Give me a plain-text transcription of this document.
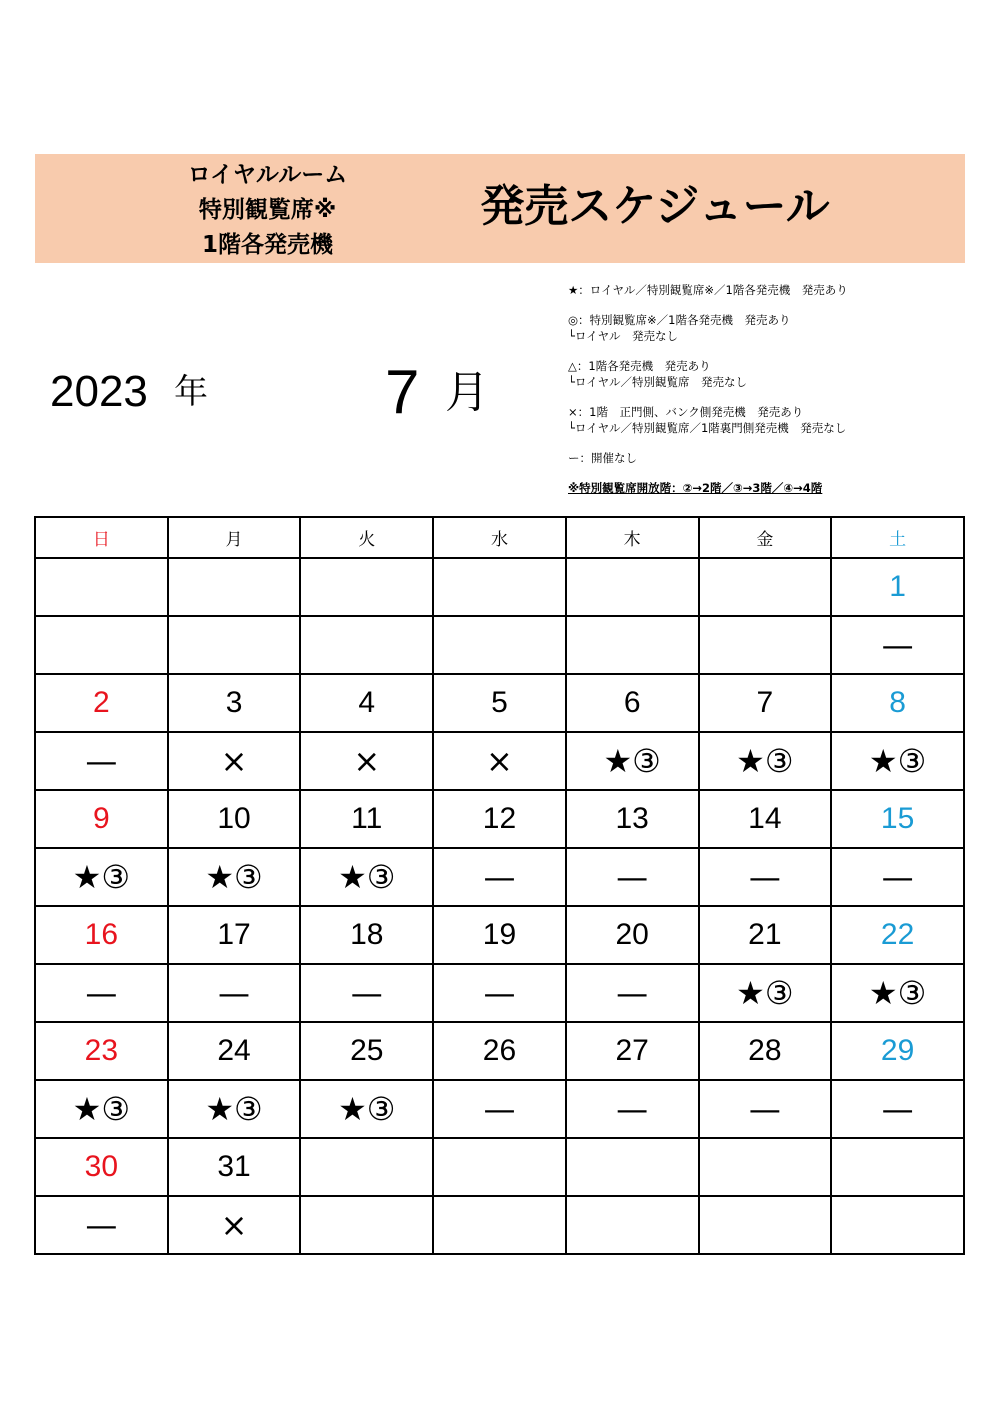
ロイヤルルーム
特別観覧席※
1階各発売機
発売スケジュール
2023 年	7 月
★：ロイヤル／特別観覧席※／1階各発売機　発売あり
◎：特別観覧席※／1階各発売機　発売あり
└ロイヤル　発売なし
△：1階各発売機　発売あり
└ロイヤル／特別観覧席　発売なし
×：1階　正門側、バンク側発売機　発売あり
└ロイヤル／特別観覧席／1階裏門側発売機　発売なし
ー：開催なし
※特別観覧席開放階：②→2階／③→3階／④→4階
日	月	火	水	木	金	土
						1
						—
2	3	4	5	6	7	8
—	×	×	×	★③	★③	★③
9	10	11	12	13	14	15
★③	★③	★③	—	—	—	—
16	17	18	19	20	21	22
—	—	—	—	—	★③	★③
23	24	25	26	27	28	29
★③	★③	★③	—	—	—	—
30	31					
—	×					
